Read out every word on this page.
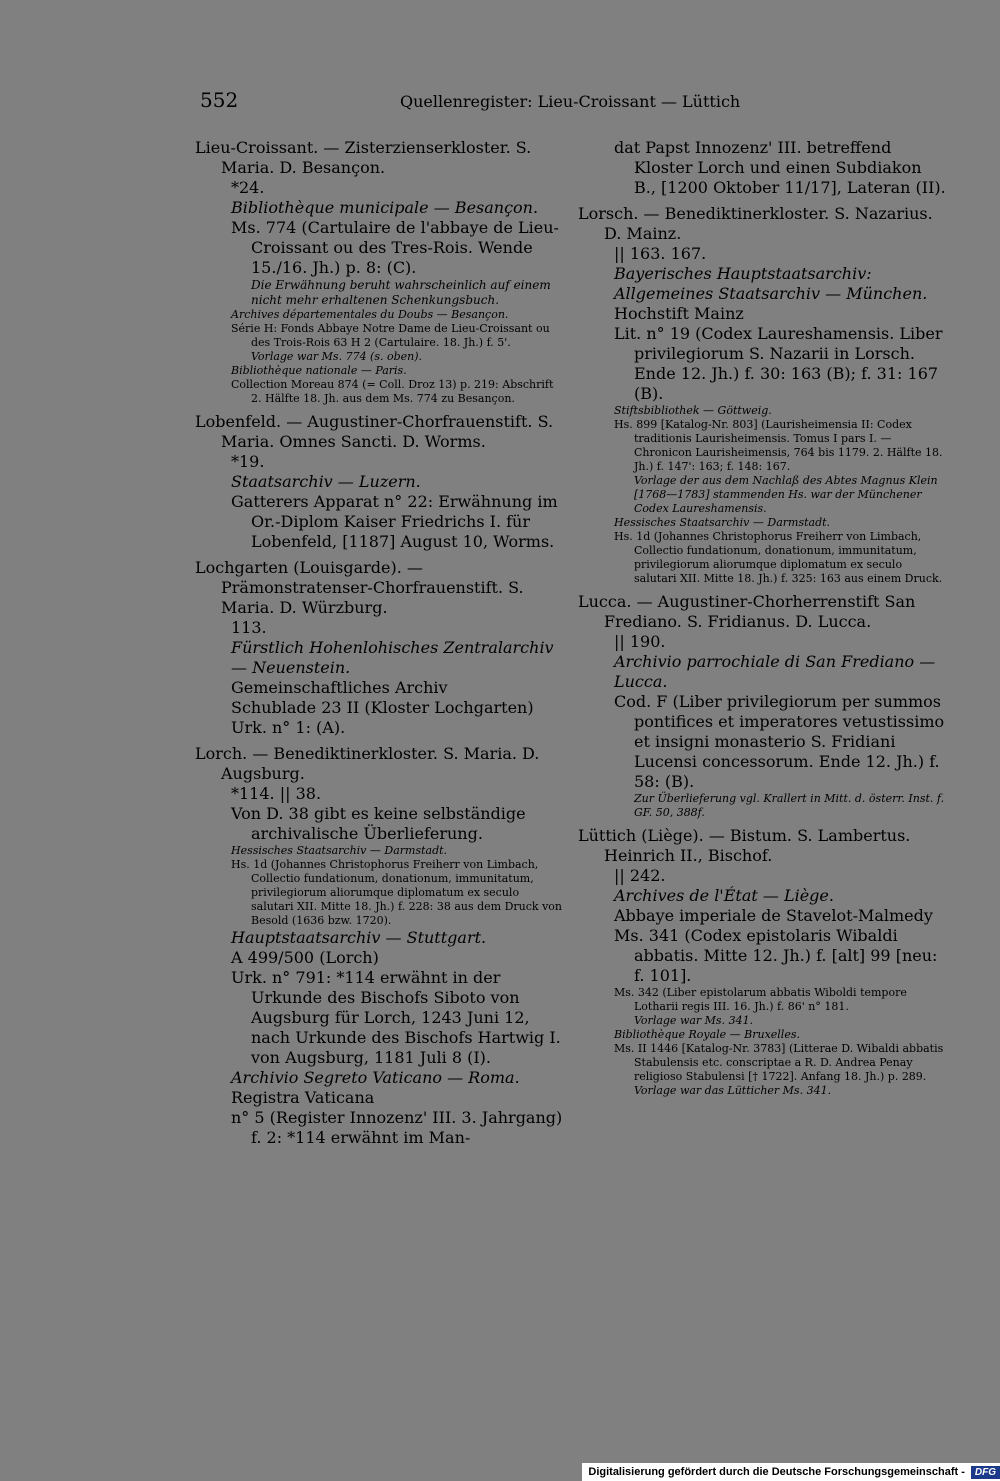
552	Quellenregister: Lieu-Croissant — Lüttich
Lieu-Croissant. — Zisterzienserkloster. S. Maria. D. Besançon.
*24.
Bibliothèque municipale — Besançon.
Ms. 774 (Cartulaire de l'abbaye de Lieu-Croissant ou des Tres-Rois. Wende 15./16. Jh.) p. 8: (C).
Die Erwähnung beruht wahrscheinlich auf einem nicht mehr erhaltenen Schenkungsbuch.
Archives départementales du Doubs — Besançon.
Série H: Fonds Abbaye Notre Dame de Lieu-Croissant ou des Trois-Rois 63 H 2 (Cartulaire. 18. Jh.) f. 5'.
Vorlage war Ms. 774 (s. oben).
Bibliothèque nationale — Paris.
Collection Moreau 874 (= Coll. Droz 13) p. 219: Abschrift 2. Hälfte 18. Jh. aus dem Ms. 774 zu Besançon.
Lobenfeld. — Augustiner-Chorfrauenstift. S. Maria. Omnes Sancti. D. Worms.
*19.
Staatsarchiv — Luzern.
Gatterers Apparat n° 22: Erwähnung im Or.-Diplom Kaiser Friedrichs I. für Lobenfeld, [1187] August 10, Worms.
Lochgarten (Louisgarde). — Prämonstratenser-Chorfrauenstift. S. Maria. D. Würzburg.
113.
Fürstlich Hohenlohisches Zentralarchiv — Neuenstein.
Gemeinschaftliches Archiv
Schublade 23 II (Kloster Lochgarten)
Urk. n° 1: (A).
Lorch. — Benediktinerkloster. S. Maria. D. Augsburg.
*114. || 38.
Von D. 38 gibt es keine selbständige archivalische Überlieferung.
Hessisches Staatsarchiv — Darmstadt.
Hs. 1d (Johannes Christophorus Freiherr von Limbach, Collectio fundationum, donationum, immunitatum, privilegiorum aliorumque diplomatum ex seculo salutari XII. Mitte 18. Jh.) f. 228: 38 aus dem Druck von Besold (1636 bzw. 1720).
Hauptstaatsarchiv — Stuttgart.
A 499/500 (Lorch)
Urk. n° 791: *114 erwähnt in der Urkunde des Bischofs Siboto von Augsburg für Lorch, 1243 Juni 12, nach Urkunde des Bischofs Hartwig I. von Augsburg, 1181 Juli 8 (I).
Archivio Segreto Vaticano — Roma.
Registra Vaticana
n° 5 (Register Innozenz' III. 3. Jahrgang) f. 2: *114 erwähnt im Man-
dat Papst Innozenz' III. betreffend Kloster Lorch und einen Subdiakon B., [1200 Oktober 11/17], Lateran (II).
Lorsch. — Benediktinerkloster. S. Nazarius. D. Mainz.
|| 163. 167.
Bayerisches Hauptstaatsarchiv: Allgemeines Staatsarchiv — München.
Hochstift Mainz
Lit. n° 19 (Codex Laureshamensis. Liber privilegiorum S. Nazarii in Lorsch. Ende 12. Jh.) f. 30: 163 (B); f. 31: 167 (B).
Stiftsbibliothek — Göttweig.
Hs. 899 [Katalog-Nr. 803] (Laurisheimensia II: Codex traditionis Laurisheimensis. Tomus I pars I. — Chronicon Laurisheimensis, 764 bis 1179. 2. Hälfte 18. Jh.) f. 147': 163; f. 148: 167.
Vorlage der aus dem Nachlaß des Abtes Magnus Klein [1768—1783] stammenden Hs. war der Münchener Codex Laureshamensis.
Hessisches Staatsarchiv — Darmstadt.
Hs. 1d (Johannes Christophorus Freiherr von Limbach, Collectio fundationum, donationum, immunitatum, privilegiorum aliorumque diplomatum ex seculo salutari XII. Mitte 18. Jh.) f. 325: 163 aus einem Druck.
Lucca. — Augustiner-Chorherrenstift San Frediano. S. Fridianus. D. Lucca.
|| 190.
Archivio parrochiale di San Frediano — Lucca.
Cod. F (Liber privilegiorum per summos pontifices et imperatores vetustissimo et insigni monasterio S. Fridiani Lucensi concessorum. Ende 12. Jh.) f. 58: (B).
Zur Überlieferung vgl. Krallert in Mitt. d. österr. Inst. f. GF. 50, 388f.
Lüttich (Liège). — Bistum. S. Lambertus. Heinrich II., Bischof.
|| 242.
Archives de l'État — Liège.
Abbaye imperiale de Stavelot-Malmedy
Ms. 341 (Codex epistolaris Wibaldi abbatis. Mitte 12. Jh.) f. [alt] 99 [neu: f. 101].
Ms. 342 (Liber epistolarum abbatis Wiboldi tempore Lotharii regis III. 16. Jh.) f. 86' n° 181.
Vorlage war Ms. 341.
Bibliothèque Royale — Bruxelles.
Ms. II 1446 [Katalog-Nr. 3783] (Litterae D. Wibaldi abbatis Stabulensis etc. conscriptae a R. D. Andrea Penay religioso Stabulensi [† 1722]. Anfang 18. Jh.) p. 289.
Vorlage war das Lütticher Ms. 341.
Digitalisierung gefördert durch die Deutsche Forschungsgemeinschaft -	DFG
